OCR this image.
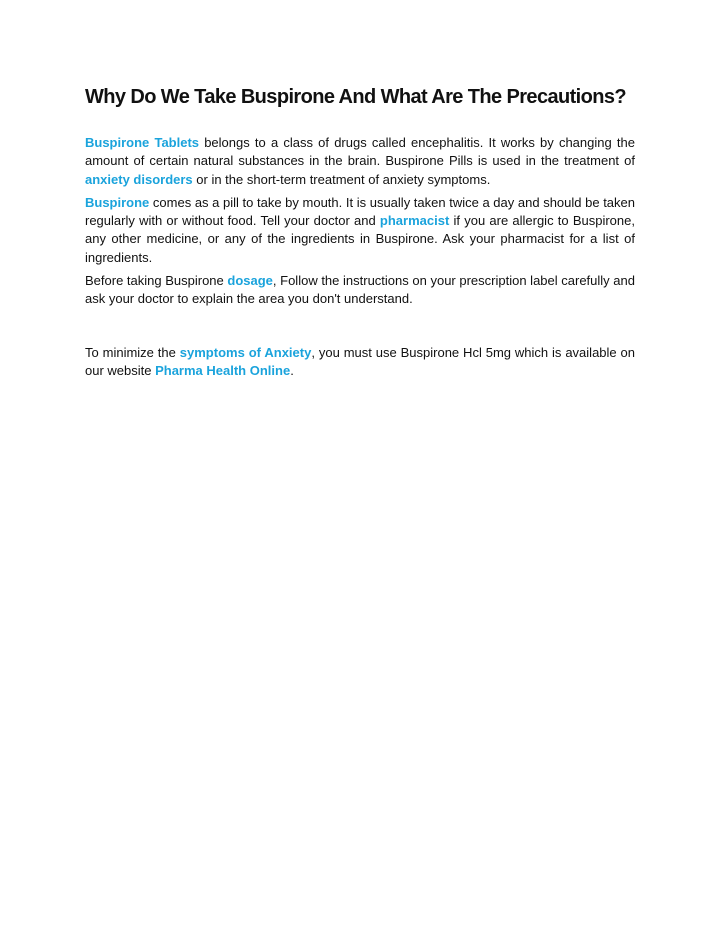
Why Do We Take Buspirone And What Are The Precautions?

Buspirone Tablets belongs to a class of drugs called encephalitis. It works by changing the amount of certain natural substances in the brain. Buspirone Pills is used in the treatment of anxiety disorders or in the short-term treatment of anxiety symptoms.

Buspirone comes as a pill to take by mouth. It is usually taken twice a day and should be taken regularly with or without food. Tell your doctor and pharmacist if you are allergic to Buspirone, any other medicine, or any of the ingredients in Buspirone. Ask your pharmacist for a list of ingredients.

Before taking Buspirone dosage, Follow the instructions on your prescription label carefully and ask your doctor to explain the area you don't understand.

To minimize the symptoms of Anxiety, you must use Buspirone Hcl 5mg which is available on our website Pharma Health Online.
